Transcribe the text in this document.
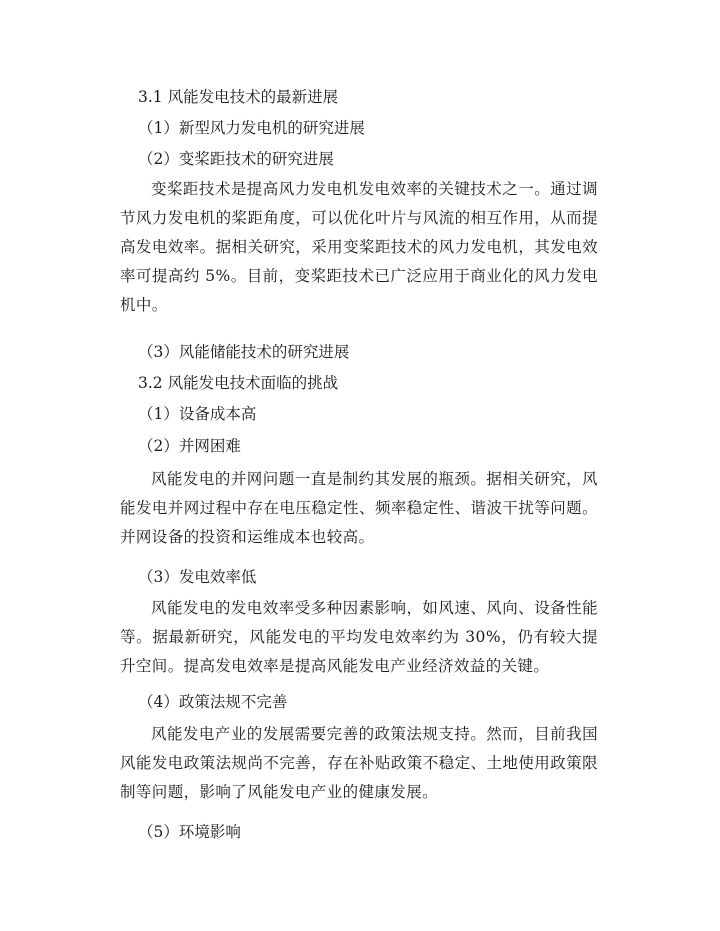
3.1 风能发电技术的最新进展
（1）新型风力发电机的研究进展
（2）变桨距技术的研究进展
变桨距技术是提高风力发电机发电效率的关键技术之一。通过调节风力发电机的桨距角度，可以优化叶片与风流的相互作用，从而提高发电效率。据相关研究，采用变桨距技术的风力发电机，其发电效率可提高约 5%。目前，变桨距技术已广泛应用于商业化的风力发电机中。
（3）风能储能技术的研究进展
3.2 风能发电技术面临的挑战
（1）设备成本高
（2）并网困难
风能发电的并网问题一直是制约其发展的瓶颈。据相关研究，风能发电并网过程中存在电压稳定性、频率稳定性、谐波干扰等问题。并网设备的投资和运维成本也较高。
（3）发电效率低
风能发电的发电效率受多种因素影响，如风速、风向、设备性能等。据最新研究，风能发电的平均发电效率约为 30%，仍有较大提升空间。提高发电效率是提高风能发电产业经济效益的关键。
（4）政策法规不完善
风能发电产业的发展需要完善的政策法规支持。然而，目前我国风能发电政策法规尚不完善，存在补贴政策不稳定、土地使用政策限制等问题，影响了风能发电产业的健康发展。
（5）环境影响
